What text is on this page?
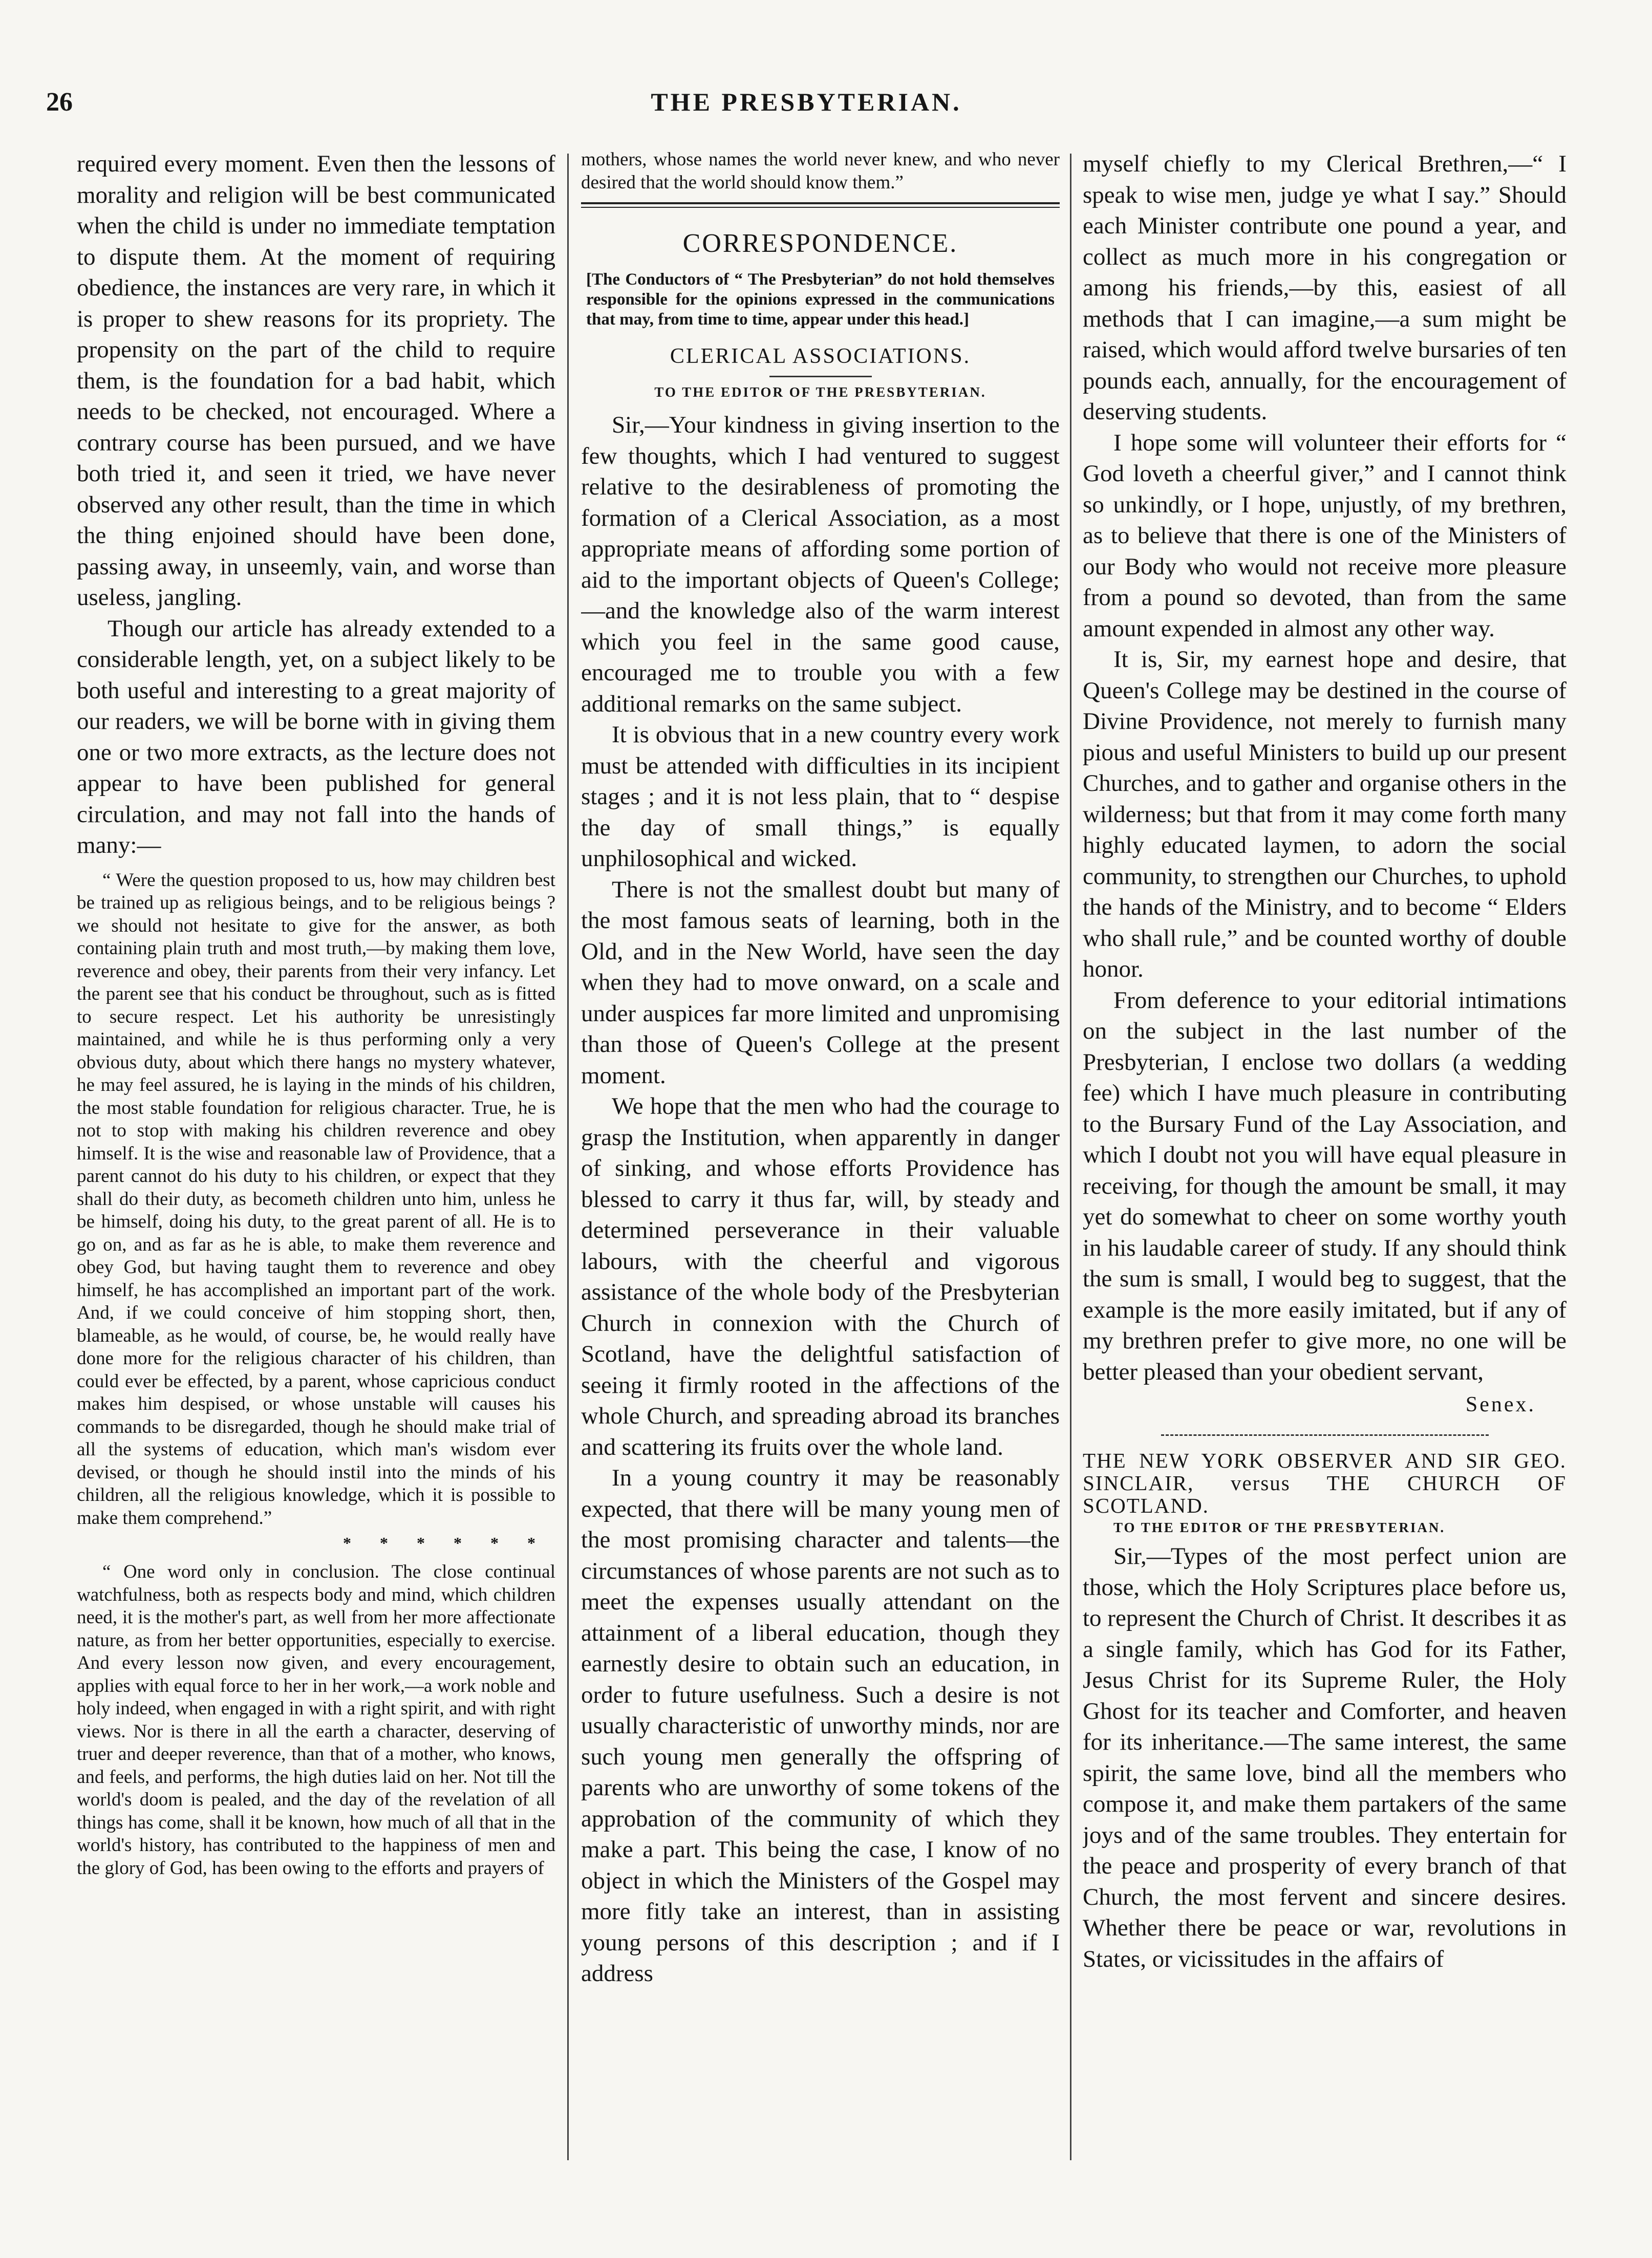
26	THE PRESBYTERIAN.

required every moment. Even then the lessons of morality and religion will be best communicated when the child is under no immediate temptation to dispute them. At the moment of requiring obedience, the instances are very rare, in which it is proper to shew reasons for its propriety. The propensity on the part of the child to require them, is the foundation for a bad habit, which needs to be checked, not encouraged. Where a contrary course has been pursued, and we have both tried it, and seen it tried, we have never observed any other result, than the time in which the thing enjoined should have been done, passing away, in unseemly, vain, and worse than useless, jangling.

Though our article has already extended to a considerable length, yet, on a subject likely to be both useful and interesting to a great majority of our readers, we will be borne with in giving them one or two more extracts, as the lecture does not appear to have been published for general circulation, and may not fall into the hands of many:—

“ Were the question proposed to us, how may children best be trained up as religious beings, and to be religious beings ? we should not hesitate to give for the answer, as both containing plain truth and most truth,—by making them love, reverence and obey, their parents from their very infancy. Let the parent see that his conduct be throughout, such as is fitted to secure respect. Let his authority be unresistingly maintained, and while he is thus performing only a very obvious duty, about which there hangs no mystery whatever, he may feel assured, he is laying in the minds of his children, the most stable foundation for religious character. True, he is not to stop with making his children reverence and obey himself. It is the wise and reasonable law of Providence, that a parent cannot do his duty to his children, or expect that they shall do their duty, as becometh children unto him, unless he be himself, doing his duty, to the great parent of all. He is to go on, and as far as he is able, to make them reverence and obey God, but having taught them to reverence and obey himself, he has accomplished an important part of the work. And, if we could conceive of him stopping short, then, blameable, as he would, of course, be, he would really have done more for the religious character of his children, than could ever be effected, by a parent, whose capricious conduct makes him despised, or whose unstable will causes his commands to be disregarded, though he should make trial of all the systems of education, which man's wisdom ever devised, or though he should instil into the minds of his children, all the religious knowledge, which it is possible to make them comprehend.”

* * * * * *

“ One word only in conclusion. The close continual watchfulness, both as respects body and mind, which children need, it is the mother's part, as well from her more affectionate nature, as from her better opportunities, especially to exercise. And every lesson now given, and every encouragement, applies with equal force to her in her work,—a work noble and holy indeed, when engaged in with a right spirit, and with right views. Nor is there in all the earth a character, deserving of truer and deeper reverence, than that of a mother, who knows, and feels, and performs, the high duties laid on her. Not till the world's doom is pealed, and the day of the revelation of all things has come, shall it be known, how much of all that in the world's history, has contributed to the happiness of men and the glory of God, has been owing to the efforts and prayers of

mothers, whose names the world never knew, and who never desired that the world should know them.”

CORRESPONDENCE.

[The Conductors of “ The Presbyterian” do not hold themselves responsible for the opinions expressed in the communications that may, from time to time, appear under this head.]

CLERICAL ASSOCIATIONS.
TO THE EDITOR OF THE PRESBYTERIAN.

Sir,—Your kindness in giving insertion to the few thoughts, which I had ventured to suggest relative to the desirableness of promoting the formation of a Clerical Association, as a most appropriate means of affording some portion of aid to the important objects of Queen's College;—and the knowledge also of the warm interest which you feel in the same good cause, encouraged me to trouble you with a few additional remarks on the same subject.

It is obvious that in a new country every work must be attended with difficulties in its incipient stages ; and it is not less plain, that to “ despise the day of small things,” is equally unphilosophical and wicked.

There is not the smallest doubt but many of the most famous seats of learning, both in the Old, and in the New World, have seen the day when they had to move onward, on a scale and under auspices far more limited and unpromising than those of Queen's College at the present moment.

We hope that the men who had the courage to grasp the Institution, when apparently in danger of sinking, and whose efforts Providence has blessed to carry it thus far, will, by steady and determined perseverance in their valuable labours, with the cheerful and vigorous assistance of the whole body of the Presbyterian Church in connexion with the Church of Scotland, have the delightful satisfaction of seeing it firmly rooted in the affections of the whole Church, and spreading abroad its branches and scattering its fruits over the whole land.

In a young country it may be reasonably expected, that there will be many young men of the most promising character and talents—the circumstances of whose parents are not such as to meet the expenses usually attendant on the attainment of a liberal education, though they earnestly desire to obtain such an education, in order to future usefulness. Such a desire is not usually characteristic of unworthy minds, nor are such young men generally the offspring of parents who are unworthy of some tokens of the approbation of the community of which they make a part. This being the case, I know of no object in which the Ministers of the Gospel may more fitly take an interest, than in assisting young persons of this description ; and if I address

myself chiefly to my Clerical Brethren,—“ I speak to wise men, judge ye what I say.” Should each Minister contribute one pound a year, and collect as much more in his congregation or among his friends,—by this, easiest of all methods that I can imagine,—a sum might be raised, which would afford twelve bursaries of ten pounds each, annually, for the encouragement of deserving students.

I hope some will volunteer their efforts for “ God loveth a cheerful giver,” and I cannot think so unkindly, or I hope, unjustly, of my brethren, as to believe that there is one of the Ministers of our Body who would not receive more pleasure from a pound so devoted, than from the same amount expended in almost any other way.

It is, Sir, my earnest hope and desire, that Queen's College may be destined in the course of Divine Providence, not merely to furnish many pious and useful Ministers to build up our present Churches, and to gather and organise others in the wilderness; but that from it may come forth many highly educated laymen, to adorn the social community, to strengthen our Churches, to uphold the hands of the Ministry, and to become “ Elders who shall rule,” and be counted worthy of double honor.

From deference to your editorial intimations on the subject in the last number of the Presbyterian, I enclose two dollars (a wedding fee) which I have much pleasure in contributing to the Bursary Fund of the Lay Association, and which I doubt not you will have equal pleasure in receiving, for though the amount be small, it may yet do somewhat to cheer on some worthy youth in his laudable career of study. If any should think the sum is small, I would beg to suggest, that the example is the more easily imitated, but if any of my brethren prefer to give more, no one will be better pleased than your obedient servant,

Senex.

THE NEW YORK OBSERVER AND SIR GEO. SINCLAIR, versus THE CHURCH OF SCOTLAND.

TO THE EDITOR OF THE PRESBYTERIAN.

Sir,—Types of the most perfect union are those, which the Holy Scriptures place before us, to represent the Church of Christ. It describes it as a single family, which has God for its Father, Jesus Christ for its Supreme Ruler, the Holy Ghost for its teacher and Comforter, and heaven for its inheritance.—The same interest, the same spirit, the same love, bind all the members who compose it, and make them partakers of the same joys and of the same troubles. They entertain for the peace and prosperity of every branch of that Church, the most fervent and sincere desires. Whether there be peace or war, revolutions in States, or vicissitudes in the affairs of
